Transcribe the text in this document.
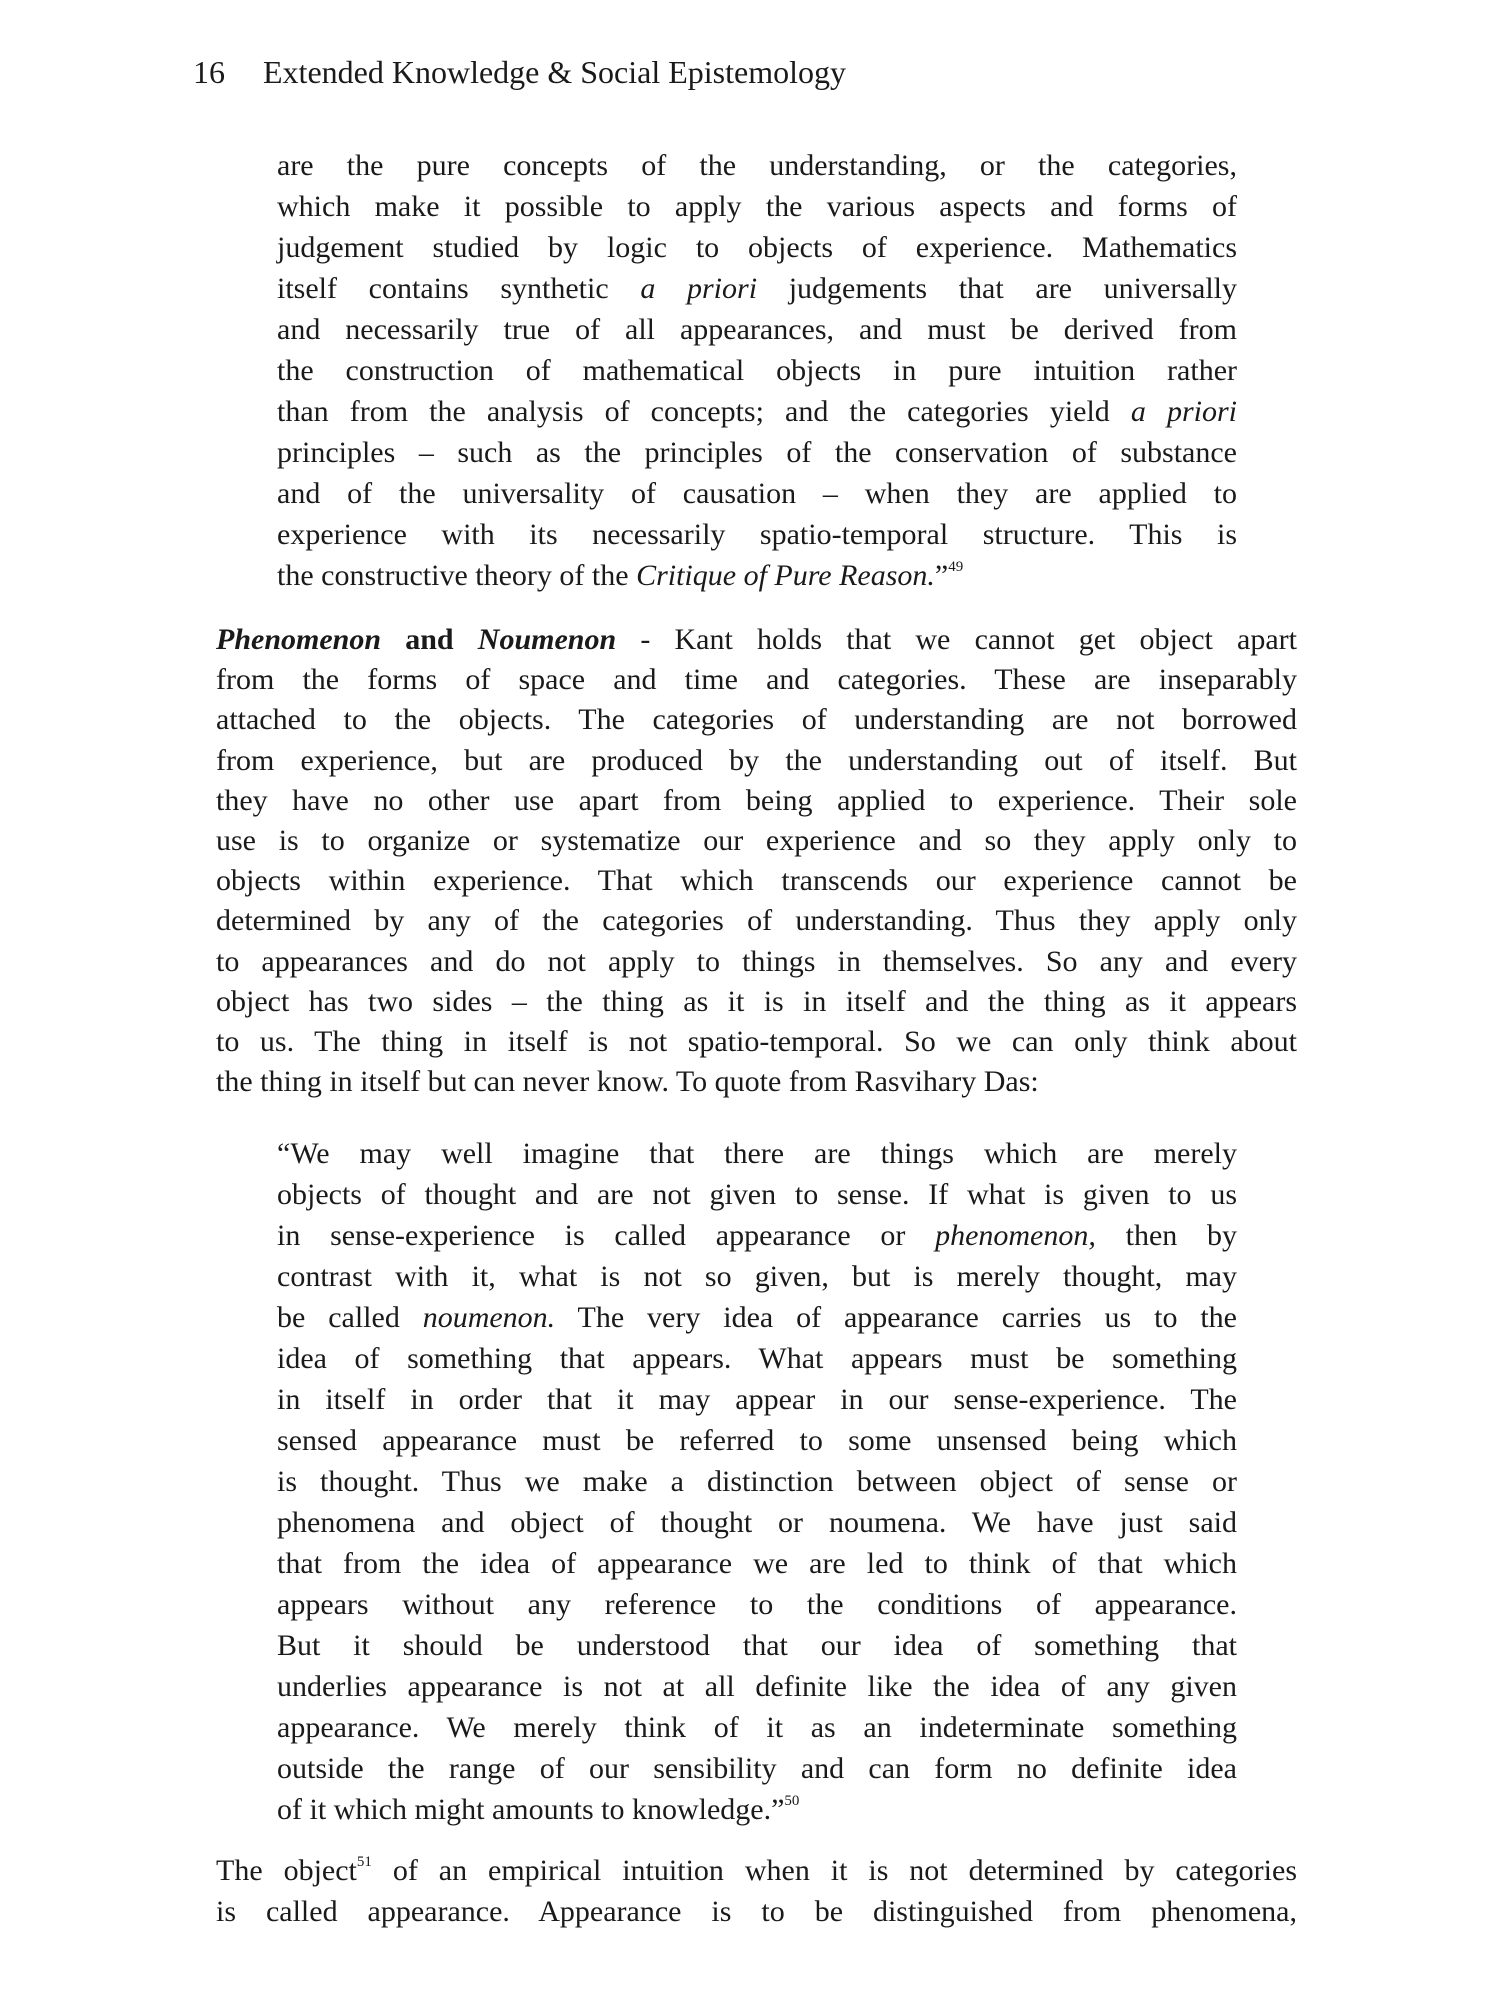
16 Extended Knowledge & Social Epistemology
are the pure concepts of the understanding, or the categories,
which make it possible to apply the various aspects and forms of
judgement studied by logic to objects of experience. Mathematics
itself contains synthetic a priori judgements that are universally
and necessarily true of all appearances, and must be derived from
the construction of mathematical objects in pure intuition rather
than from the analysis of concepts; and the categories yield a priori
principles – such as the principles of the conservation of substance
and of the universality of causation – when they are applied to
experience with its necessarily spatio-temporal structure. This is
the constructive theory of the Critique of Pure Reason.”$^{49}$
Phenomenon and Noumenon - Kant holds that we cannot get object apart
from the forms of space and time and categories. These are inseparably
attached to the objects. The categories of understanding are not borrowed
from experience, but are produced by the understanding out of itself. But
they have no other use apart from being applied to experience. Their sole
use is to organize or systematize our experience and so they apply only to
objects within experience. That which transcends our experience cannot be
determined by any of the categories of understanding. Thus they apply only
to appearances and do not apply to things in themselves. So any and every
object has two sides – the thing as it is in itself and the thing as it appears
to us. The thing in itself is not spatio-temporal. So we can only think about
the thing in itself but can never know. To quote from Rasvihary Das:
“We may well imagine that there are things which are merely
objects of thought and are not given to sense. If what is given to us
in sense-experience is called appearance or phenomenon, then by
contrast with it, what is not so given, but is merely thought, may
be called noumenon. The very idea of appearance carries us to the
idea of something that appears. What appears must be something
in itself in order that it may appear in our sense-experience. The
sensed appearance must be referred to some unsensed being which
is thought. Thus we make a distinction between object of sense or
phenomena and object of thought or noumena. We have just said
that from the idea of appearance we are led to think of that which
appears without any reference to the conditions of appearance.
But it should be understood that our idea of something that
underlies appearance is not at all definite like the idea of any given
appearance. We merely think of it as an indeterminate something
outside the range of our sensibility and can form no definite idea
of it which might amounts to knowledge.”$^{50}$
The object$^{51}$ of an empirical intuition when it is not determined by categories
is called appearance. Appearance is to be distinguished from phenomena,
